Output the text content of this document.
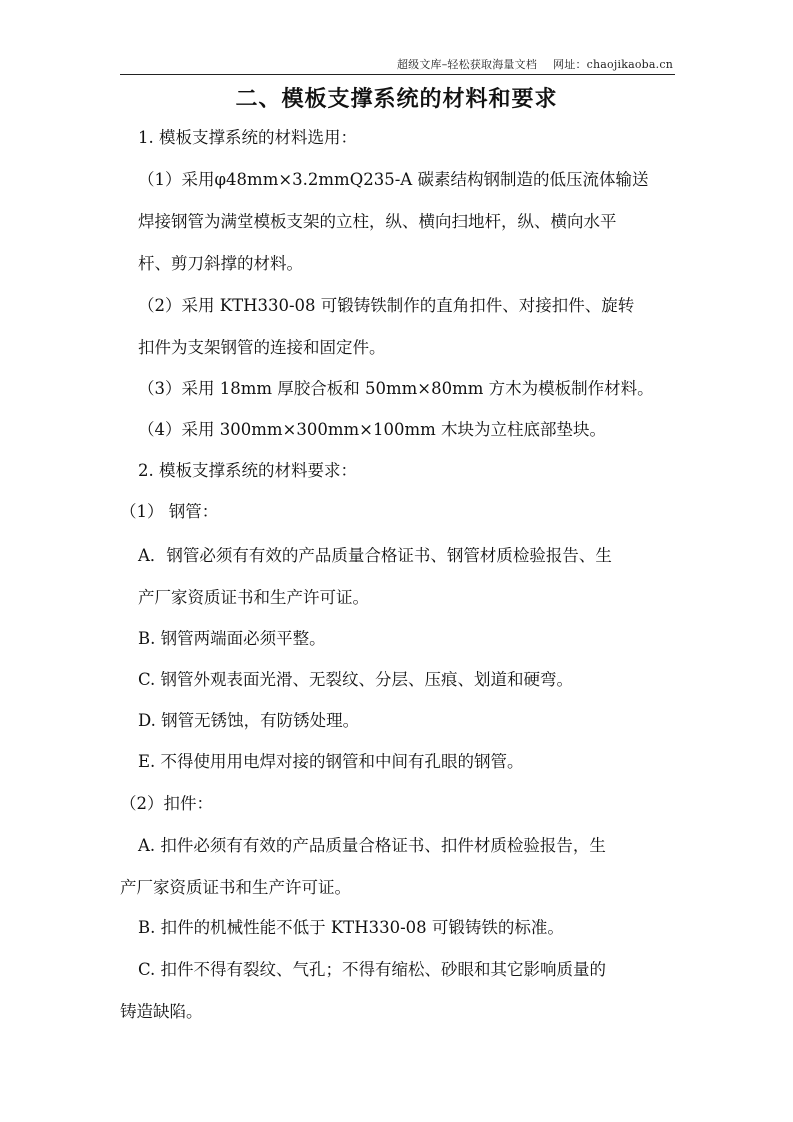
超级文库–轻松获取海量文档 网址：chaojikaoba.cn
二、模板支撑系统的材料和要求
1. 模板支撑系统的材料选用：
（1）采用φ48mm×3.2mmQ235-A 碳素结构钢制造的低压流体输送
焊接钢管为满堂模板支架的立柱，纵、横向扫地杆，纵、横向水平
杆、剪刀斜撑的材料。
（2）采用 KTH330-08 可锻铸铁制作的直角扣件、对接扣件、旋转
扣件为支架钢管的连接和固定件。
（3）采用 18mm 厚胶合板和 50mm×80mm 方木为模板制作材料。
（4）采用 300mm×300mm×100mm 木块为立柱底部垫块。
2. 模板支撑系统的材料要求：
（1） 钢管：
A．钢管必须有有效的产品质量合格证书、钢管材质检验报告、生
产厂家资质证书和生产许可证。
B. 钢管两端面必须平整。
C. 钢管外观表面光滑、无裂纹、分层、压痕、划道和硬弯。
D. 钢管无锈蚀，有防锈处理。
E. 不得使用用电焊对接的钢管和中间有孔眼的钢管。
（2）扣件：
A. 扣件必须有有效的产品质量合格证书、扣件材质检验报告，生
产厂家资质证书和生产许可证。
B. 扣件的机械性能不低于 KTH330-08 可锻铸铁的标准。
C. 扣件不得有裂纹、气孔；不得有缩松、砂眼和其它影响质量的
铸造缺陷。
